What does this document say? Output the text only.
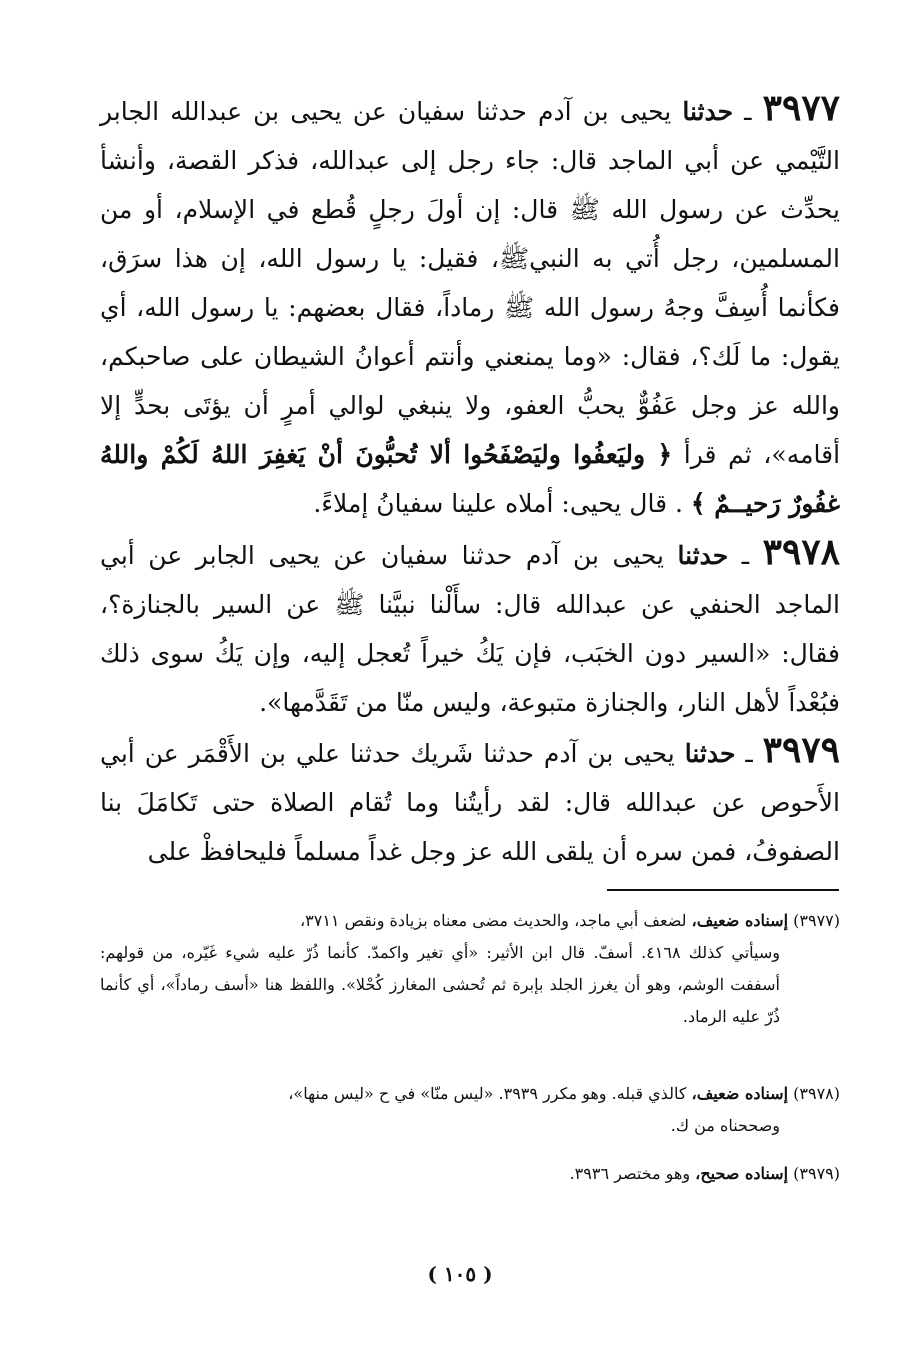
٣٩٧٧ ـ حدثنا يحيى بن آدم حدثنا سفيان عن يحيى بن عبدالله الجابر التَّيْمي عن أبي الماجد قال: جاء رجل إلى عبدالله، فذكر القصة، وأنشأ يحدِّث عن رسول الله ﷺ قال: إن أولَ رجلٍ قُطع في الإسلام، أو من المسلمين، رجل أُتي به النبيﷺ، فقيل: يا رسول الله، إن هذا سرَق، فكأنما أُسِفَّ وجهُ رسول الله ﷺ رماداً، فقال بعضهم: يا رسول الله، أي يقول: ما لَك؟، فقال: «وما يمنعني وأنتم أعوانُ الشيطان على صاحبكم، والله عز وجل عَفُوٌّ يحبُّ العفو، ولا ينبغي لوالي أمرٍ أن يؤتَى بحدٍّ إلا أقامه»، ثم قرأ ﴿ وليَعفُوا وليَصْفَحُوا ألا تُحبُّونَ أنْ يَغفِرَ اللهُ لَكُمْ واللهُ غفُورٌ رَحيــمٌ ﴾ . قال يحيى: أملاه علينا سفيانُ إملاءً.
٣٩٧٨ ـ حدثنا يحيى بن آدم حدثنا سفيان عن يحيى الجابر عن أبي الماجد الحنفي عن عبدالله قال: سأَلْنا نبيَّنا ﷺ عن السير بالجنازة؟، فقال: «السير دون الخبَب، فإن يَكُ خيراً تُعجل إليه، وإن يَكُ سوى ذلك فبُعْداً لأهل النار، والجنازة متبوعة، وليس منّا من تَقَدَّمها».
٣٩٧٩ ـ حدثنا يحيى بن آدم حدثنا شَريك حدثنا علي بن الأَقْمَر عن أبي الأَحوص عن عبدالله قال: لقد رأيتُنا وما تُقام الصلاة حتى تَكامَلَ بنا الصفوفُ، فمن سره أن يلقى الله عز وجل غداً مسلماً فليحافظْ على
(٣٩٧٧) إسناده ضعيف، لضعف أبي ماجد، والحديث مضى معناه بزيادة ونقص ٣٧١١،
وسيأتي كذلك ٤١٦٨. أسفّ. قال ابن الأثير: «أي تغير واكمدّ. كأنما ذُرّ عليه شيء غَيّره، من قولهم: أسففت الوشم، وهو أن يغرز الجلد بإبرة ثم تُحشى المغارز كُحْلا». واللفظ هنا «أسف رماداً»، أي كأنما ذُرّ عليه الرماد.
(٣٩٧٨) إسناده ضعيف، كالذي قبله. وهو مكرر ٣٩٣٩. «ليس منّا» في ح «ليس منها»،
وصححناه من ك.
(٣٩٧٩) إسناده صحيح، وهو مختصر ٣٩٣٦.
( ١٠٥ )
